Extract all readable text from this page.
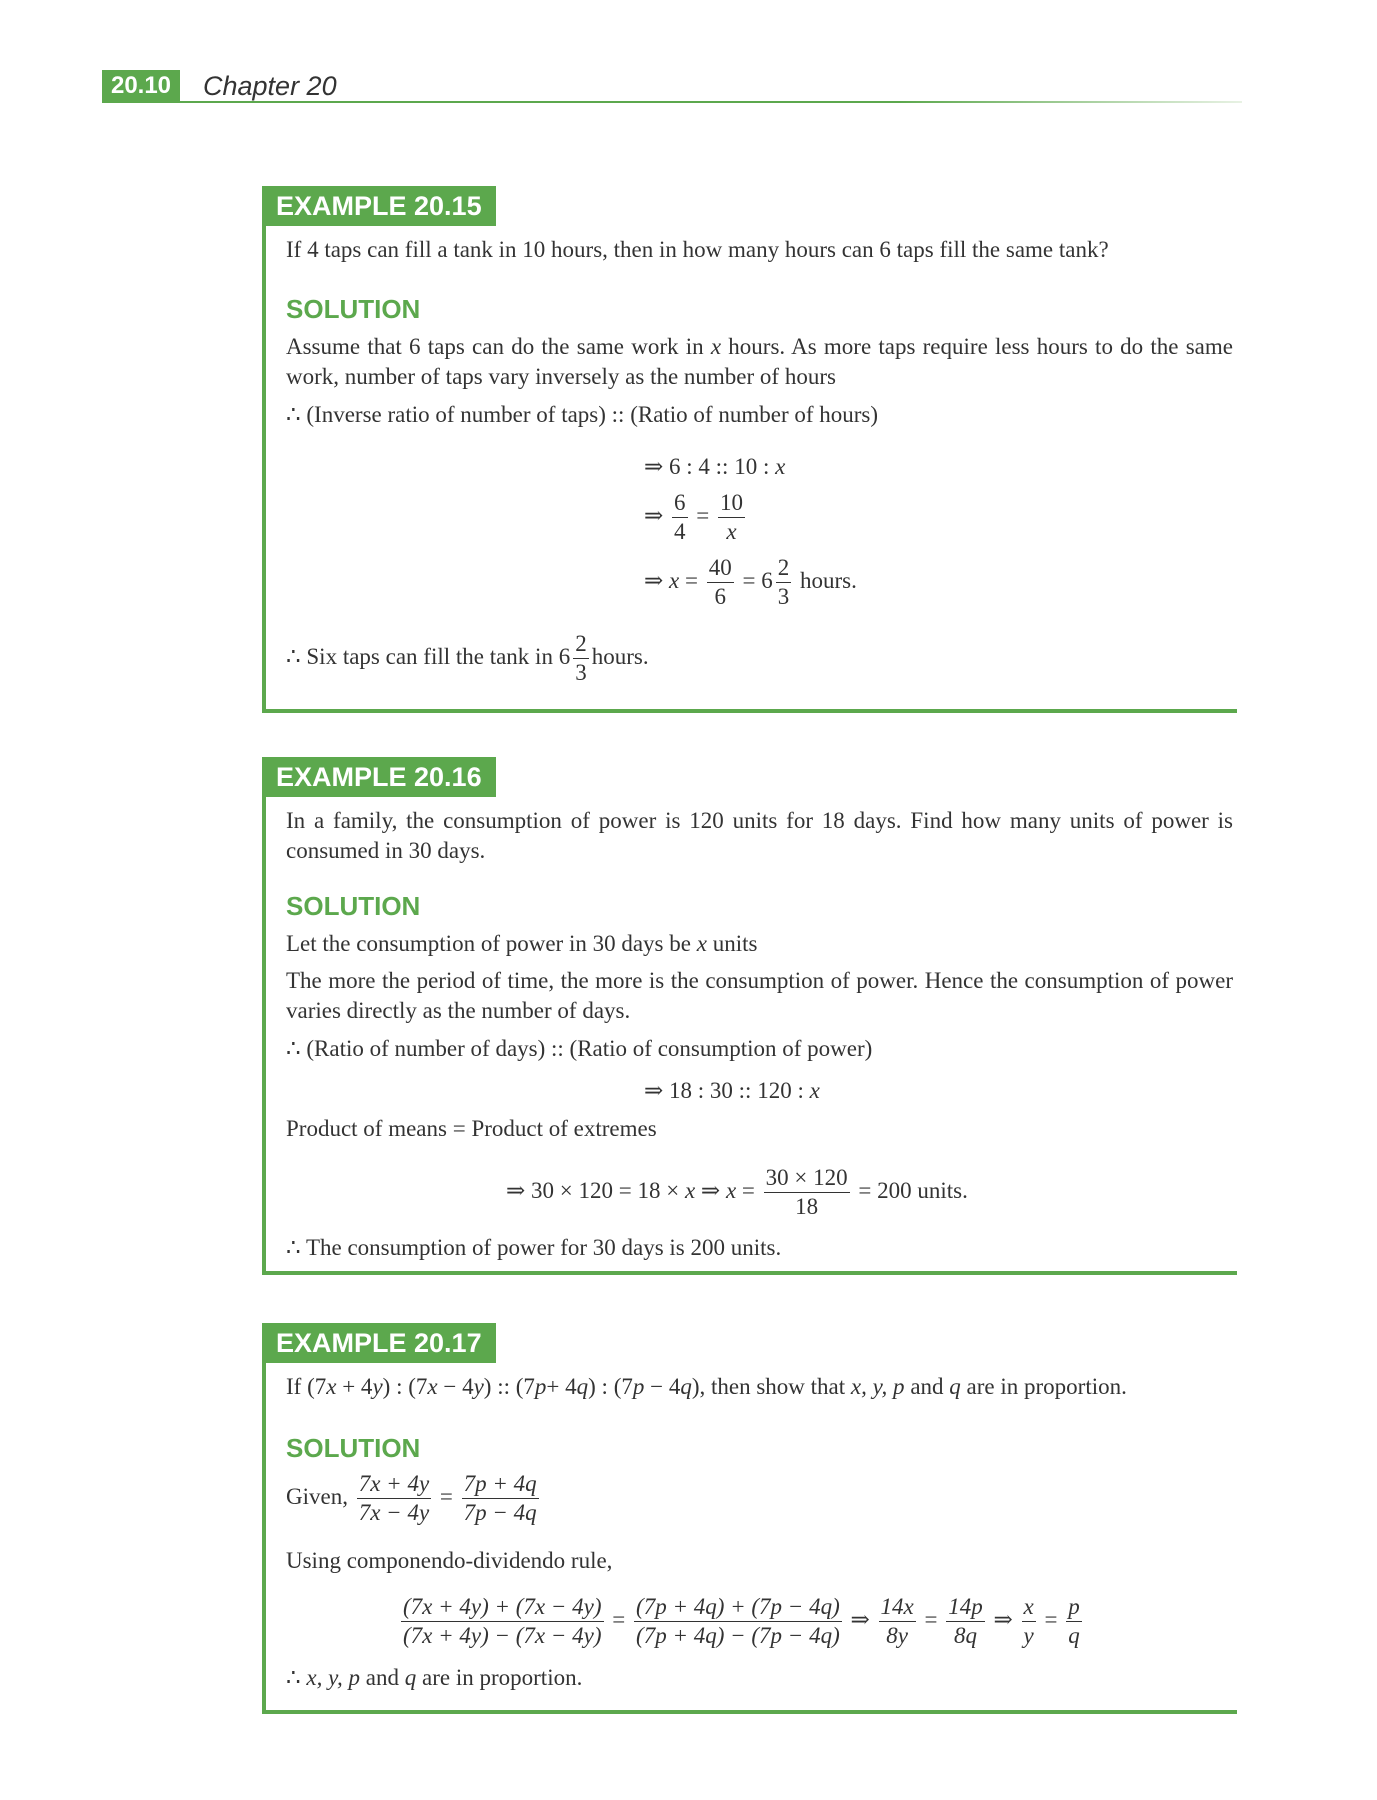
20.10	Chapter 20
EXAMPLE 20.15
If 4 taps can fill a tank in 10 hours, then in how many hours can 6 taps fill the same tank?
SOLUTION
Assume that 6 taps can do the same work in x hours. As more taps require less hours to do the same work, number of taps vary inversely as the number of hours
∴ (Inverse ratio of number of taps) :: (Ratio of number of hours)
⇒ 6 : 4 :: 10 : x
⇒ $\frac{6}{4} = \frac{10}{x}$
⇒ $x = \frac{40}{6} = 6 \frac{2}{3}$ hours.
∴ Six taps can fill the tank in $6 \frac{2}{3}$ hours.
EXAMPLE 20.16
In a family, the consumption of power is 120 units for 18 days. Find how many units of power is consumed in 30 days.
SOLUTION
Let the consumption of power in 30 days be x units
The more the period of time, the more is the consumption of power. Hence the consumption of power varies directly as the number of days.
∴ (Ratio of number of days) :: (Ratio of consumption of power)
⇒ 18 : 30 :: 120 : x
Product of means = Product of extremes
⇒ 30 × 120 = 18 × x ⇒ $x = \frac{30 \times 120}{18} = 200$ units.
∴ The consumption of power for 30 days is 200 units.
EXAMPLE 20.17
If (7x + 4y) : (7x − 4y) :: (7p+ 4q) : (7p − 4q), then show that x, y, p and q are in proportion.
SOLUTION
Given, $\frac{7x + 4y}{7x - 4y} = \frac{7p + 4q}{7p - 4q}$
Using componendo-dividendo rule,
$\frac{(7x + 4y) + (7x - 4y)}{(7x + 4y) - (7x - 4y)} = \frac{(7p + 4q) + (7p - 4q)}{(7p + 4q) - (7p - 4q)}$ ⇒ $\frac{14x}{8y} = \frac{14p}{8q}$ ⇒ $\frac{x}{y} = \frac{p}{q}$
∴ x, y, p and q are in proportion.
